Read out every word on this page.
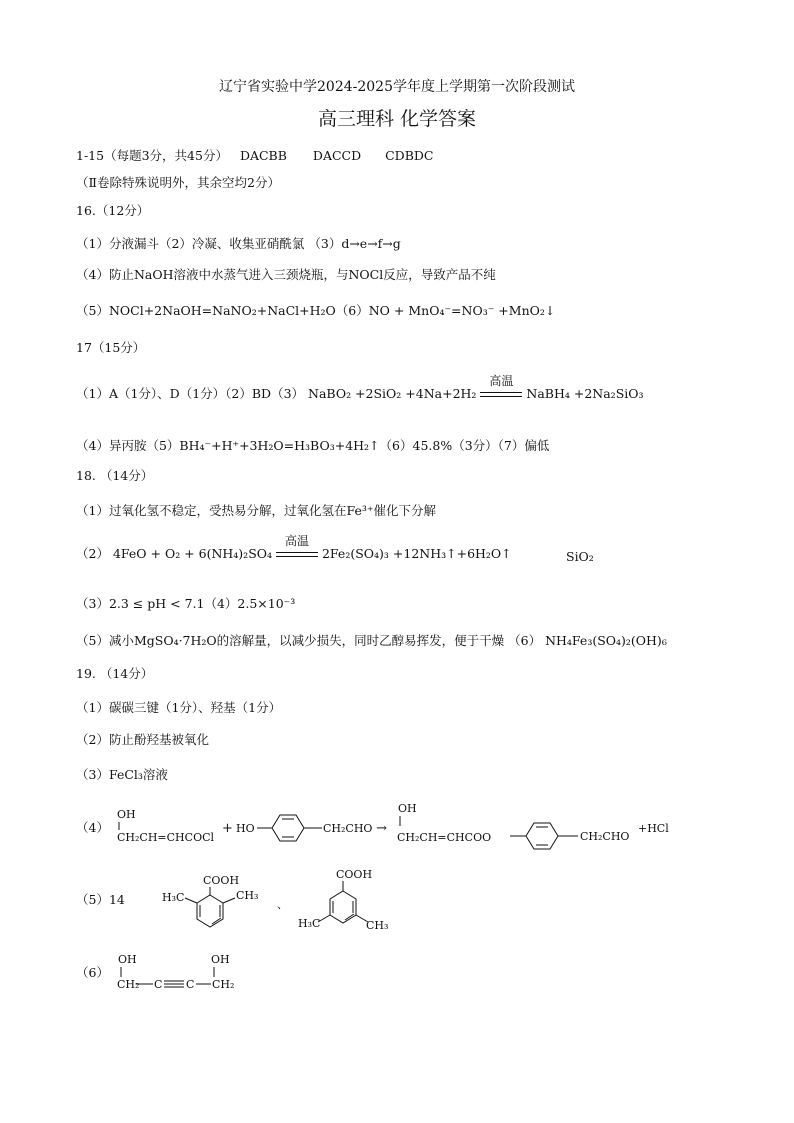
辽宁省实验中学2024-2025学年度上学期第一次阶段测试
高三理科 化学答案
1-15（每题3分，共45分） DACBB DACCD CDBDC
（Ⅱ卷除特殊说明外，其余空均2分）
16.（12分）
（1）分液漏斗（2）冷凝、收集亚硝酰氯 （3）d→e→f→g
（4）防止NaOH溶液中水蒸气进入三颈烧瓶，与NOCl反应，导致产品不纯
（5）NOCl+2NaOH=NaNO₂+NaCl+H₂O（6）NO + MnO₄⁻=NO₃⁻ +MnO₂↓
17（15分）
（1）A（1分）、D（1分）（2）BD（3） NaBO₂ +2SiO₂ +4Na+2H₂
高温
NaBH₄ +2Na₂SiO₃
（4）异丙胺（5）BH₄⁻+H⁺+3H₂O=H₃BO₃+4H₂↑（6）45.8%（3分）（7）偏低
18. （14分）
（1）过氧化氢不稳定，受热易分解，过氧化氢在Fe³⁺催化下分解
（2） 4FeO + O₂ + 6(NH₄)₂SO₄
高温
2Fe₂(SO₄)₃ +12NH₃↑+6H₂O↑	SiO₂
（3）2.3 ≤ pH < 7.1（4）2.5×10⁻³
（5）减小MgSO₄·7H₂O的溶解量，以减少损失，同时乙醇易挥发，便于干燥 （6） NH₄Fe₃(SO₄)₂(OH)₆
19. （14分）
（1）碳碳三键（1分）、羟基（1分）
（2）防止酚羟基被氧化
（3）FeCl₃溶液
（4）
OH
CH₂CH=CHCOCl
+ HO	CH₂CHO →
OH
CH₂CH=CHCOO	CH₂CHO
+HCl
COOH
H₃C	CH₃
、
COOH
H₃C	CH₃
OH	OH
CH₂ C C CH₂
（5）14
（6）
